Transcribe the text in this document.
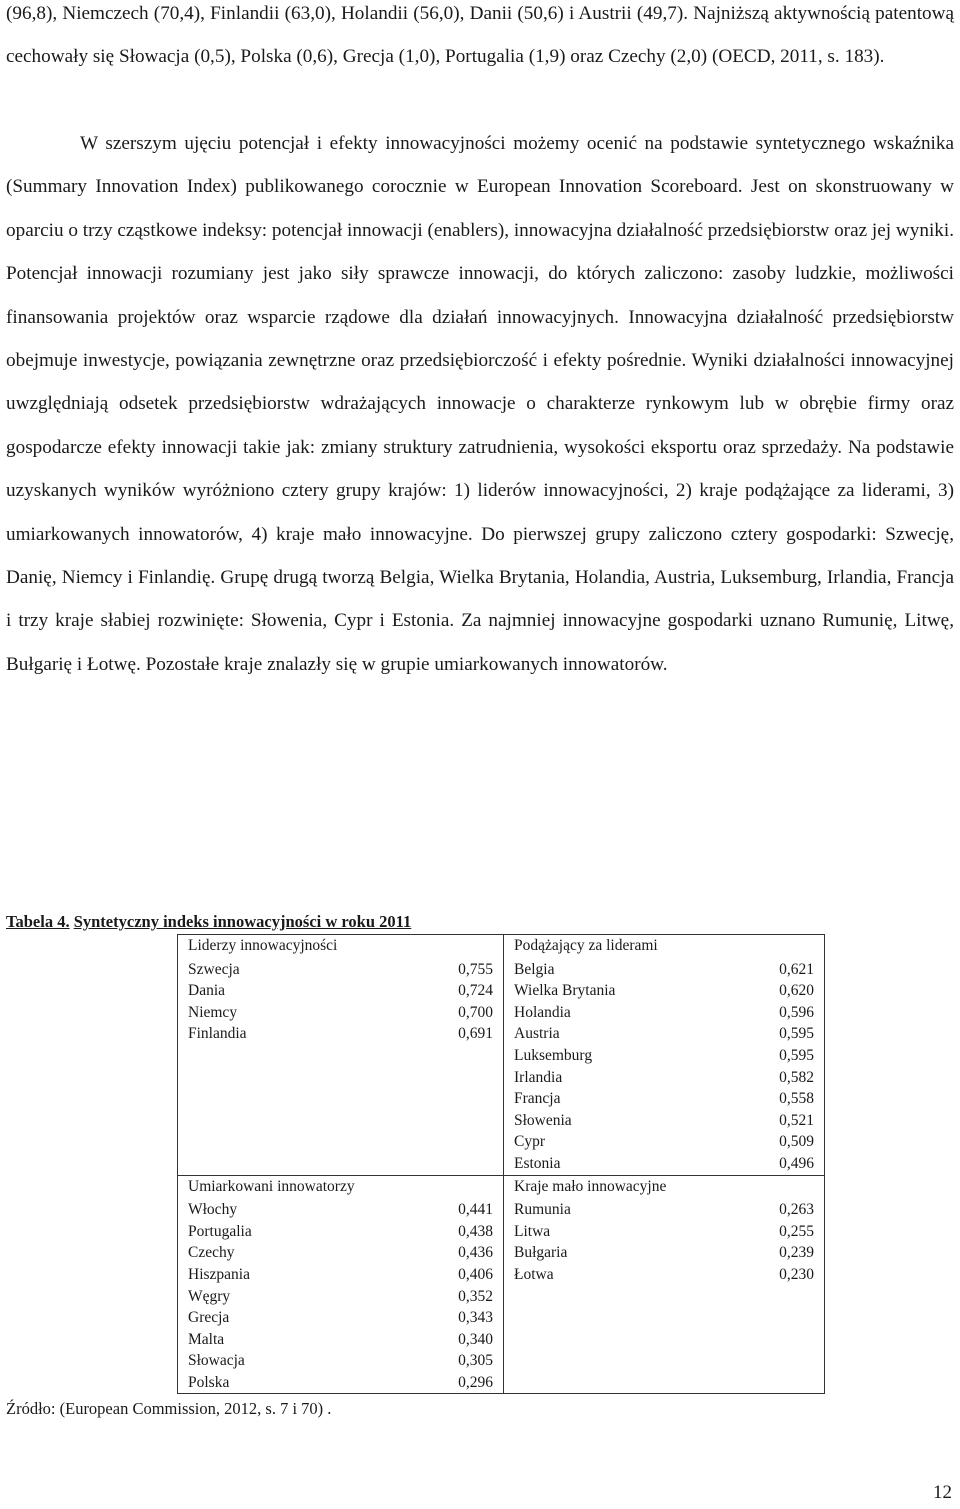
(96,8), Niemczech (70,4), Finlandii (63,0), Holandii (56,0), Danii (50,6) i Austrii (49,7). Najniższą aktywnością patentową cechowały się Słowacja (0,5), Polska (0,6), Grecja (1,0), Portugalia (1,9) oraz Czechy (2,0) (OECD, 2011, s. 183).

W szerszym ujęciu potencjał i efekty innowacyjności możemy ocenić na podstawie syntetycznego wskaźnika (Summary Innovation Index) publikowanego corocznie w European Innovation Scoreboard. Jest on skonstruowany w oparciu o trzy cząstkowe indeksy: potencjał innowacji (enablers), innowacyjna działalność przedsiębiorstw oraz jej wyniki. Potencjał innowacji rozumiany jest jako siły sprawcze innowacji, do których zaliczono: zasoby ludzkie, możliwości finansowania projektów oraz wsparcie rządowe dla działań innowacyjnych. Innowacyjna działalność przedsiębiorstw obejmuje inwestycje, powiązania zewnętrzne oraz przedsiębiorczość i efekty pośrednie. Wyniki działalności innowacyjnej uwzględniają odsetek przedsiębiorstw wdrażających innowacje o charakterze rynkowym lub w obrębie firmy oraz gospodarcze efekty innowacji takie jak: zmiany struktury zatrudnienia, wysokości eksportu oraz sprzedaży. Na podstawie uzyskanych wyników wyróżniono cztery grupy krajów: 1) liderów innowacyjności, 2) kraje podążające za liderami, 3) umiarkowanych innowatorów, 4) kraje mało innowacyjne. Do pierwszej grupy zaliczono cztery gospodarki: Szwecję, Danię, Niemcy i Finlandię. Grupę drugą tworzą Belgia, Wielka Brytania, Holandia, Austria, Luksemburg, Irlandia, Francja i trzy kraje słabiej rozwinięte: Słowenia, Cypr i Estonia. Za najmniej innowacyjne gospodarki uznano Rumunię, Litwę, Bułgarię i Łotwę. Pozostałe kraje znalazły się w grupie umiarkowanych innowatorów.

Tabela 4. Syntetyczny indeks innowacyjności w roku 2011
Liderzy innowacyjności		Podążający za liderami	
Szwecja	0,755	Belgia	0,621
Dania	0,724	Wielka Brytania	0,620
Niemcy	0,700	Holandia	0,596
Finlandia	0,691	Austria	0,595
		Luksemburg	0,595
		Irlandia	0,582
		Francja	0,558
		Słowenia	0,521
		Cypr	0,509
		Estonia	0,496
Umiarkowani innowatorzy		Kraje mało innowacyjne	
Włochy	0,441	Rumunia	0,263
Portugalia	0,438	Litwa	0,255
Czechy	0,436	Bułgaria	0,239
Hiszpania	0,406	Łotwa	0,230
Węgry	0,352		
Grecja	0,343		
Malta	0,340		
Słowacja	0,305		
Polska	0,296		
Źródło: (European Commission, 2012, s. 7 i 70) .
12
